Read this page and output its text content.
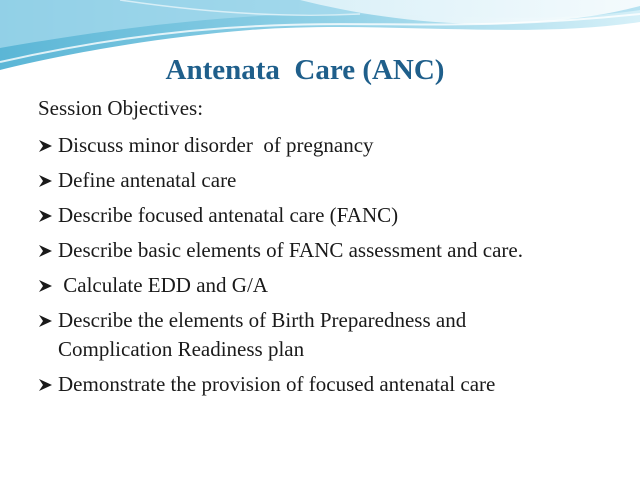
Antenata  Care (ANC)
Session Objectives:
Discuss minor disorder  of pregnancy
Define antenatal care
Describe focused antenatal care (FANC)
Describe basic elements of FANC assessment and care.
Calculate EDD and G/A
Describe the elements of Birth Preparedness and
Complication Readiness plan
Demonstrate the provision of focused antenatal care
